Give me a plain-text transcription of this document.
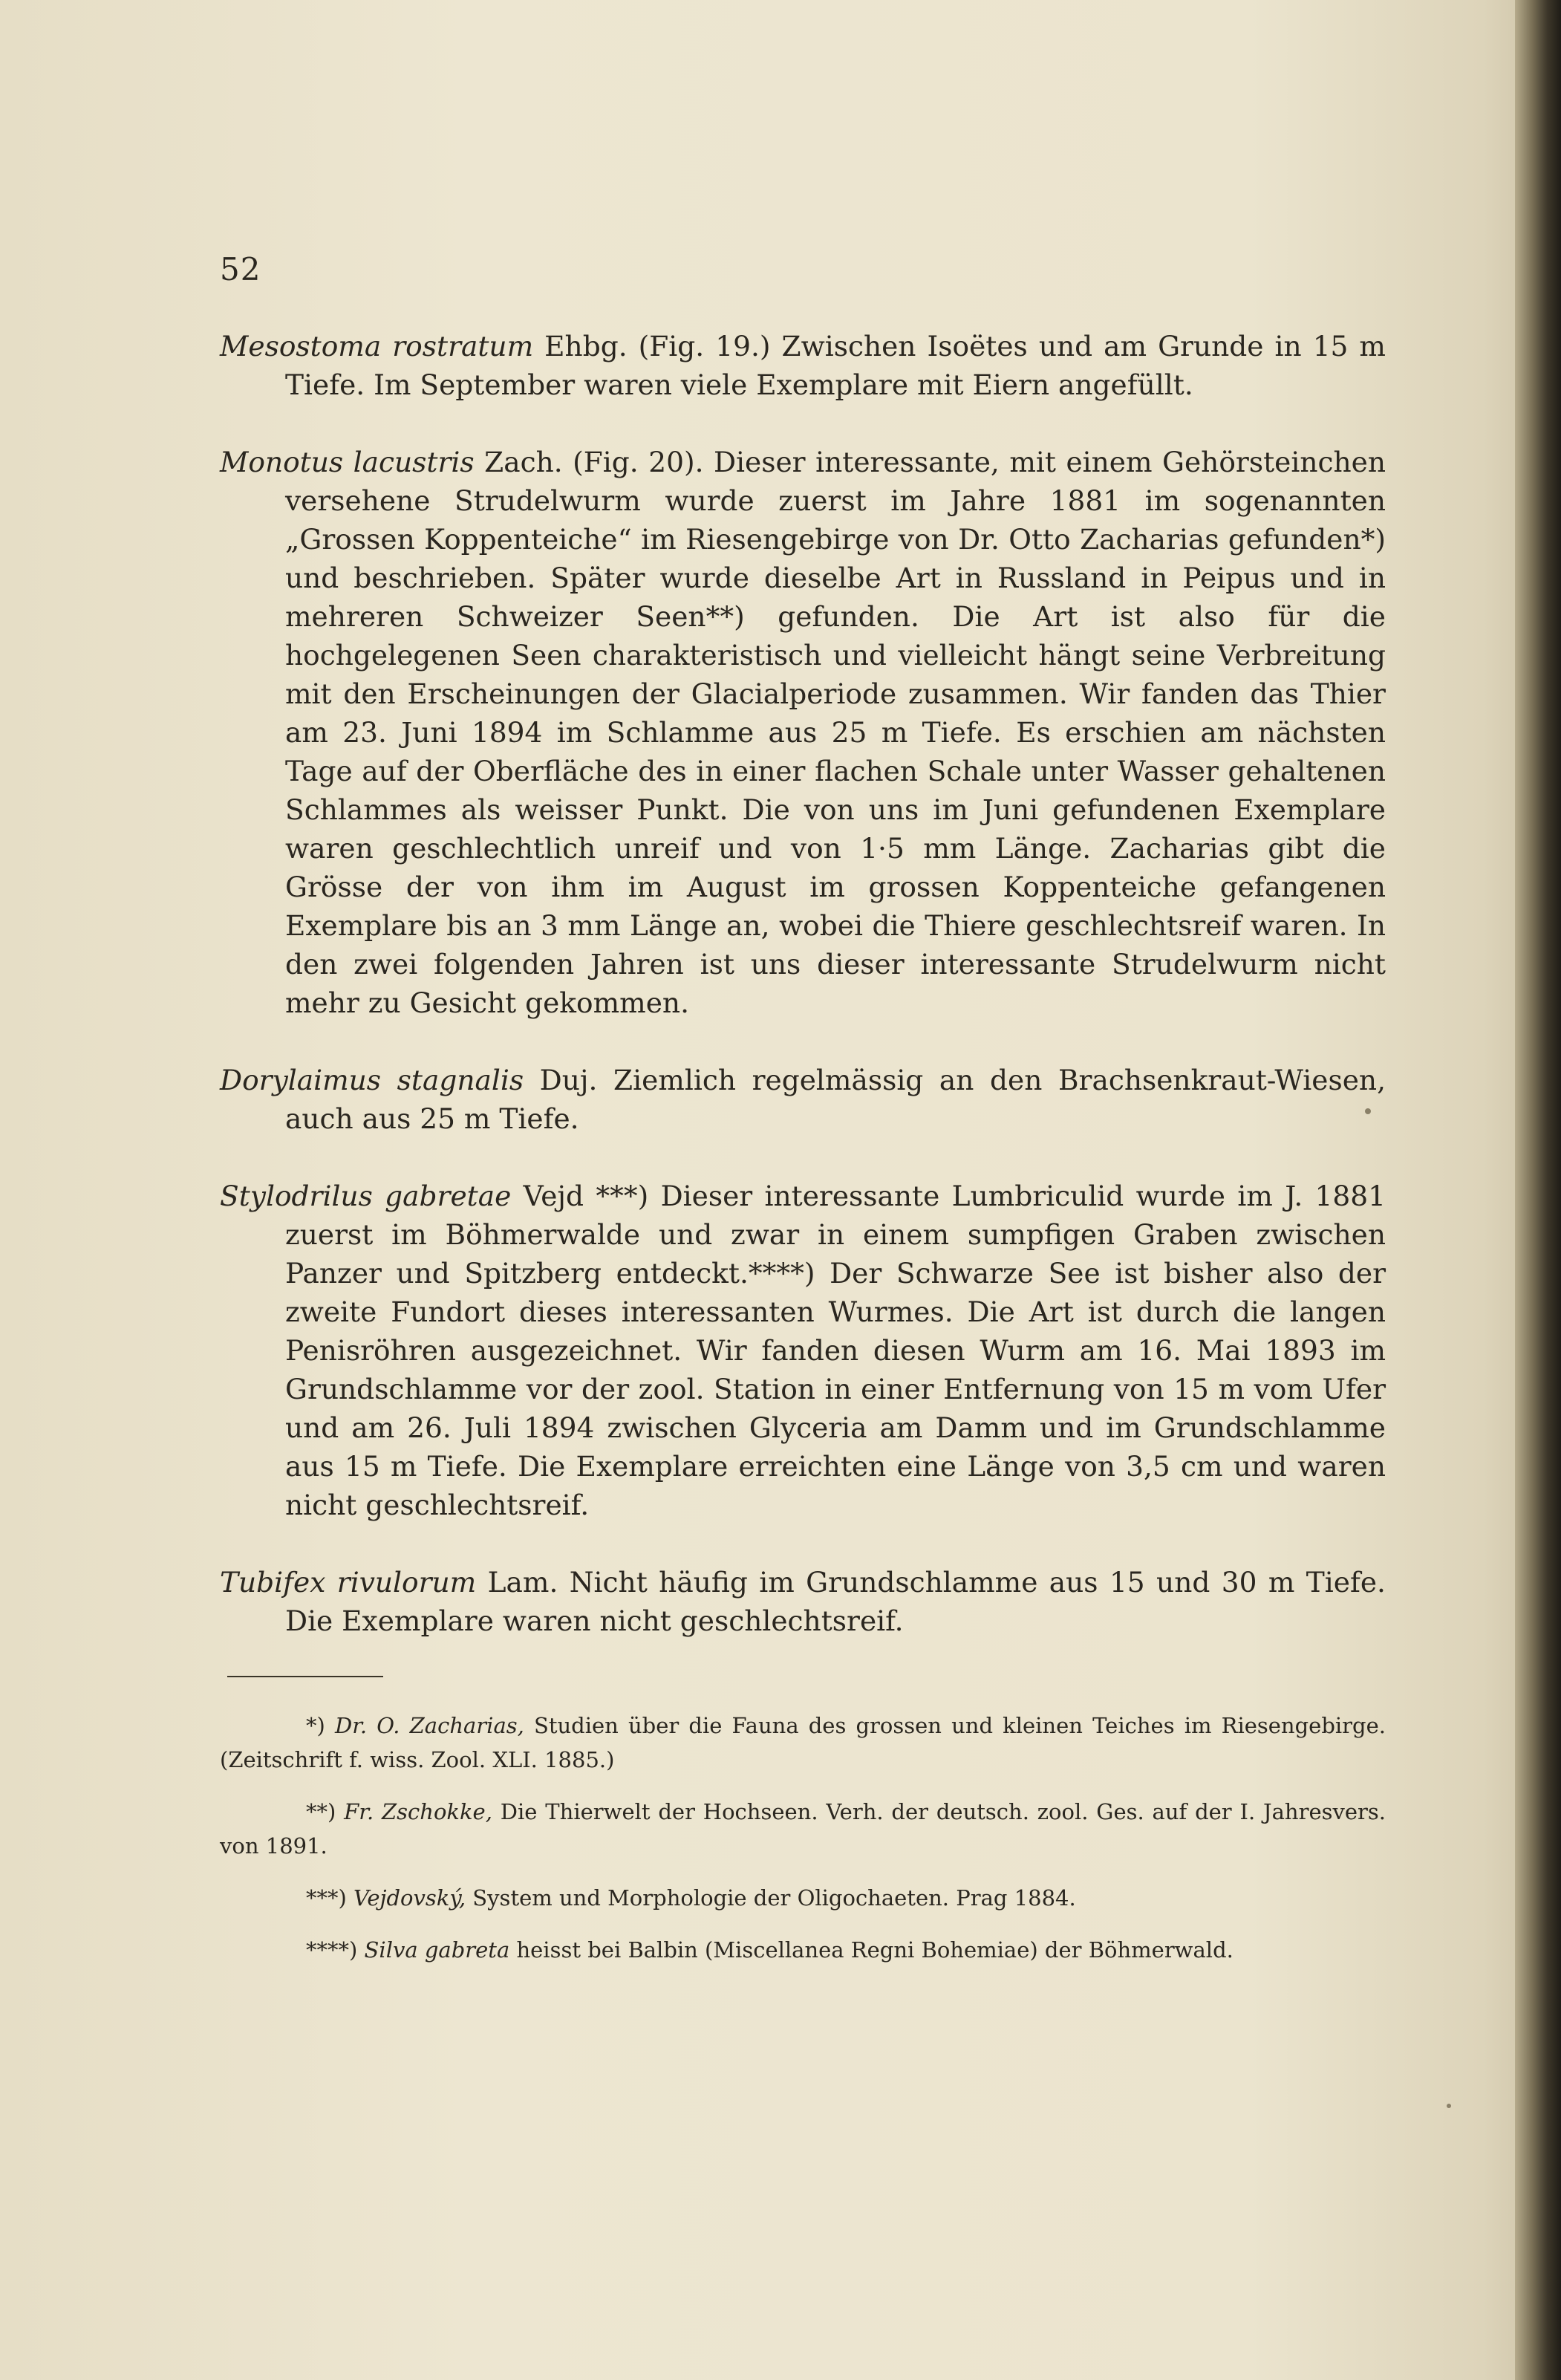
52

Mesostoma rostratum Ehbg. (Fig. 19.) Zwischen Isoëtes und am Grunde in 15 m Tiefe. Im September waren viele Exemplare mit Eiern angefüllt.

Monotus lacustris Zach. (Fig. 20). Dieser interessante, mit einem Gehörsteinchen versehene Strudelwurm wurde zuerst im Jahre 1881 im sogenannten „Grossen Koppenteiche“ im Riesengebirge von Dr. Otto Zacharias gefunden*) und beschrieben. Später wurde dieselbe Art in Russland in Peipus und in mehreren Schweizer Seen**) gefunden. Die Art ist also für die hochgelegenen Seen charakteristisch und vielleicht hängt seine Verbreitung mit den Erscheinungen der Glacialperiode zusammen. Wir fanden das Thier am 23. Juni 1894 im Schlamme aus 25 m Tiefe. Es erschien am nächsten Tage auf der Oberfläche des in einer flachen Schale unter Wasser gehaltenen Schlammes als weisser Punkt. Die von uns im Juni gefundenen Exemplare waren geschlechtlich unreif und von 1·5 mm Länge. Zacharias gibt die Grösse der von ihm im August im grossen Koppenteiche gefangenen Exemplare bis an 3 mm Länge an, wobei die Thiere geschlechtsreif waren. In den zwei folgenden Jahren ist uns dieser interessante Strudelwurm nicht mehr zu Gesicht gekommen.

Dorylaimus stagnalis Duj. Ziemlich regelmässig an den Brachsenkraut-Wiesen, auch aus 25 m Tiefe.

Stylodrilus gabretae Vejd ***) Dieser interessante Lumbriculid wurde im J. 1881 zuerst im Böhmerwalde und zwar in einem sumpfigen Graben zwischen Panzer und Spitzberg entdeckt.****) Der Schwarze See ist bisher also der zweite Fundort dieses interessanten Wurmes. Die Art ist durch die langen Penisröhren ausgezeichnet. Wir fanden diesen Wurm am 16. Mai 1893 im Grundschlamme vor der zool. Station in einer Entfernung von 15 m vom Ufer und am 26. Juli 1894 zwischen Glyceria am Damm und im Grundschlamme aus 15 m Tiefe. Die Exemplare erreichten eine Länge von 3,5 cm und waren nicht geschlechtsreif.

Tubifex rivulorum Lam. Nicht häufig im Grundschlamme aus 15 und 30 m Tiefe. Die Exemplare waren nicht geschlechtsreif.

*) Dr. O. Zacharias, Studien über die Fauna des grossen und kleinen Teiches im Riesengebirge. (Zeitschrift f. wiss. Zool. XLI. 1885.)

**) Fr. Zschokke, Die Thierwelt der Hochseen. Verh. der deutsch. zool. Ges. auf der I. Jahresvers. von 1891.

***) Vejdovský, System und Morphologie der Oligochaeten. Prag 1884.

****) Silva gabreta heisst bei Balbin (Miscellanea Regni Bohemiae) der Böhmerwald.
